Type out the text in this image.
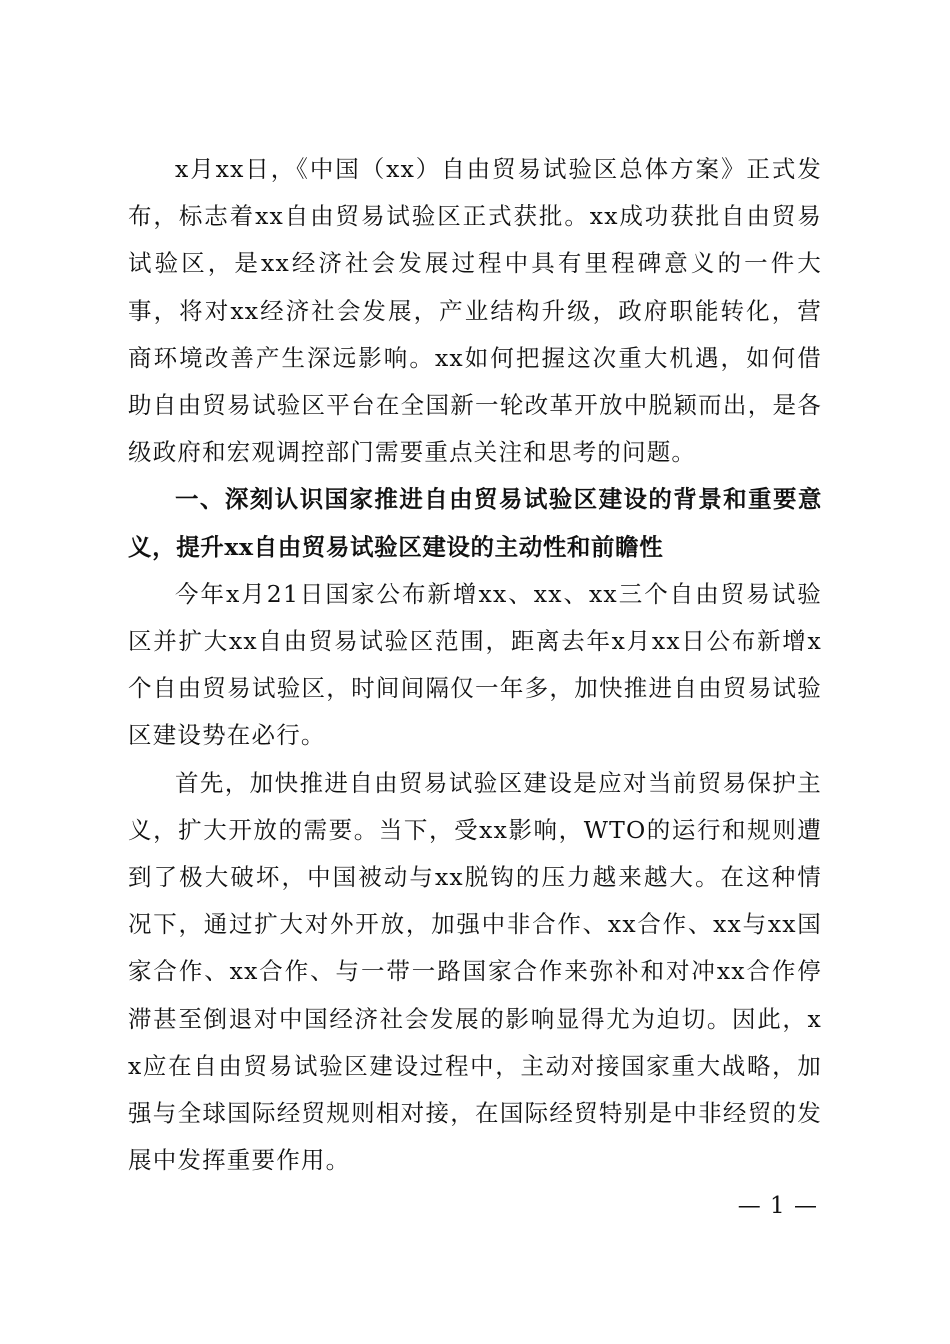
x月xx日，《中国（xx）自由贸易试验区总体方案》正式发布，标志着xx自由贸易试验区正式获批。xx成功获批自由贸易试验区，是xx经济社会发展过程中具有里程碑意义的一件大事，将对xx经济社会发展，产业结构升级，政府职能转化，营商环境改善产生深远影响。xx如何把握这次重大机遇，如何借助自由贸易试验区平台在全国新一轮改革开放中脱颖而出，是各级政府和宏观调控部门需要重点关注和思考的问题。

一、深刻认识国家推进自由贸易试验区建设的背景和重要意义，提升xx自由贸易试验区建设的主动性和前瞻性

今年x月21日国家公布新增xx、xx、xx三个自由贸易试验区并扩大xx自由贸易试验区范围，距离去年x月xx日公布新增x个自由贸易试验区，时间间隔仅一年多，加快推进自由贸易试验区建设势在必行。

首先，加快推进自由贸易试验区建设是应对当前贸易保护主义，扩大开放的需要。当下，受xx影响，WTO的运行和规则遭到了极大破坏，中国被动与xx脱钩的压力越来越大。在这种情况下，通过扩大对外开放，加强中非合作、xx合作、xx与xx国家合作、xx合作、与一带一路国家合作来弥补和对冲xx合作停滞甚至倒退对中国经济社会发展的影响显得尤为迫切。因此，xx应在自由贸易试验区建设过程中，主动对接国家重大战略，加强与全球国际经贸规则相对接，在国际经贸特别是中非经贸的发展中发挥重要作用。

— 1 —
